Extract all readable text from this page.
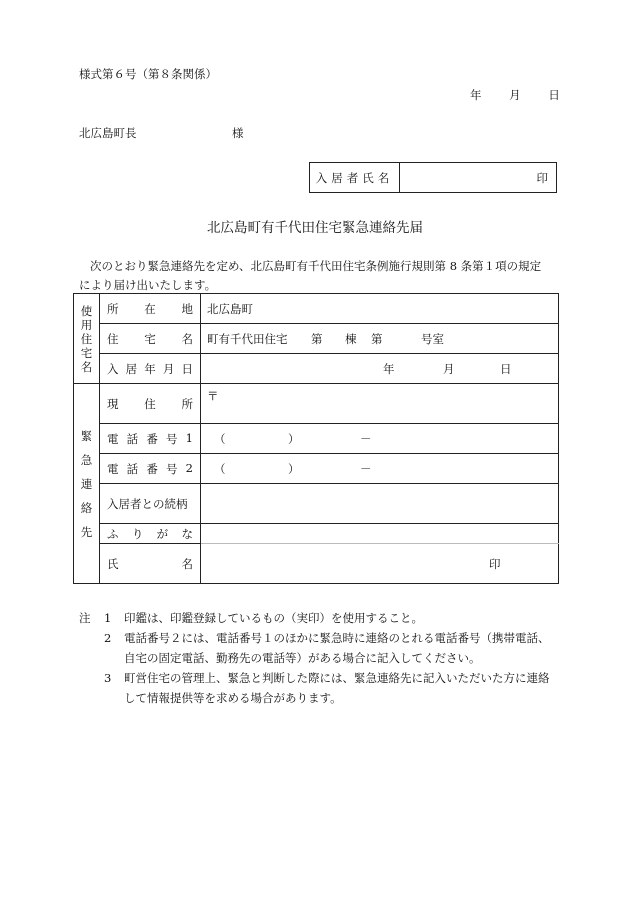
様式第６号（第８条関係）
年 月 日
北広島町長	様
入居者氏名	印
北広島町有千代田住宅緊急連絡先届
次のとおり緊急連絡先を定め、北広島町有千代田住宅条例施行規則第 8 条第１項の規定
により届け出いたします。
使
用
住
宅
名	所 在 地	北広島町

	住 宅 名	町有千代田住宅 第 棟 第 号室

	入 居 年 月 日	年 月 日

緊
急
連
絡
先	現 住 所	〒

	電 話 番 号 1	（ ） －

	電 話 番 号 2	（ ） －

	入居者との続柄	

	ふ り が な	

	氏 名	印
注	1	印鑑は、印鑑登録しているもの（実印）を使用すること。
2	電話番号２には、電話番号１のほかに緊急時に連絡のとれる電話番号（携帯電話、自宅の固定電話、勤務先の電話等）がある場合に記入してください。
3	町営住宅の管理上、緊急と判断した際には、緊急連絡先に記入いただいた方に連絡して情報提供等を求める場合があります。
